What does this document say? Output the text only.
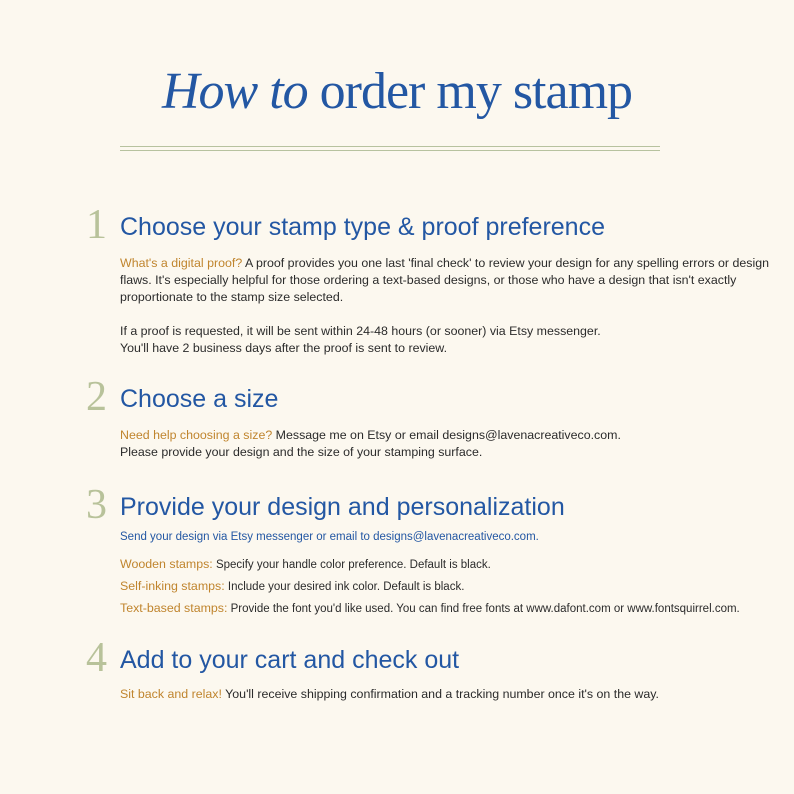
How to order my stamp
1 Choose your stamp type & proof preference

What's a digital proof? A proof provides you one last 'final check' to review your design for any spelling errors or design flaws. It's especially helpful for those ordering a text-based designs, or those who have a design that isn't exactly proportionate to the stamp size selected.

If a proof is requested, it will be sent within 24-48 hours (or sooner) via Etsy messenger.

You'll have 2 business days after the proof is sent to review.

2 Choose a size

Need help choosing a size? Message me on Etsy or email designs@lavenacreativeco.com.

Please provide your design and the size of your stamping surface.

3 Provide your design and personalization

Send your design via Etsy messenger or email to designs@lavenacreativeco.com.

Wooden stamps: Specify your handle color preference. Default is black.

Self-inking stamps: Include your desired ink color. Default is black.

Text-based stamps: Provide the font you'd like used. You can find free fonts at www.dafont.com or www.fontsquirrel.com.

4 Add to your cart and check out

Sit back and relax! You'll receive shipping confirmation and a tracking number once it's on the way.
